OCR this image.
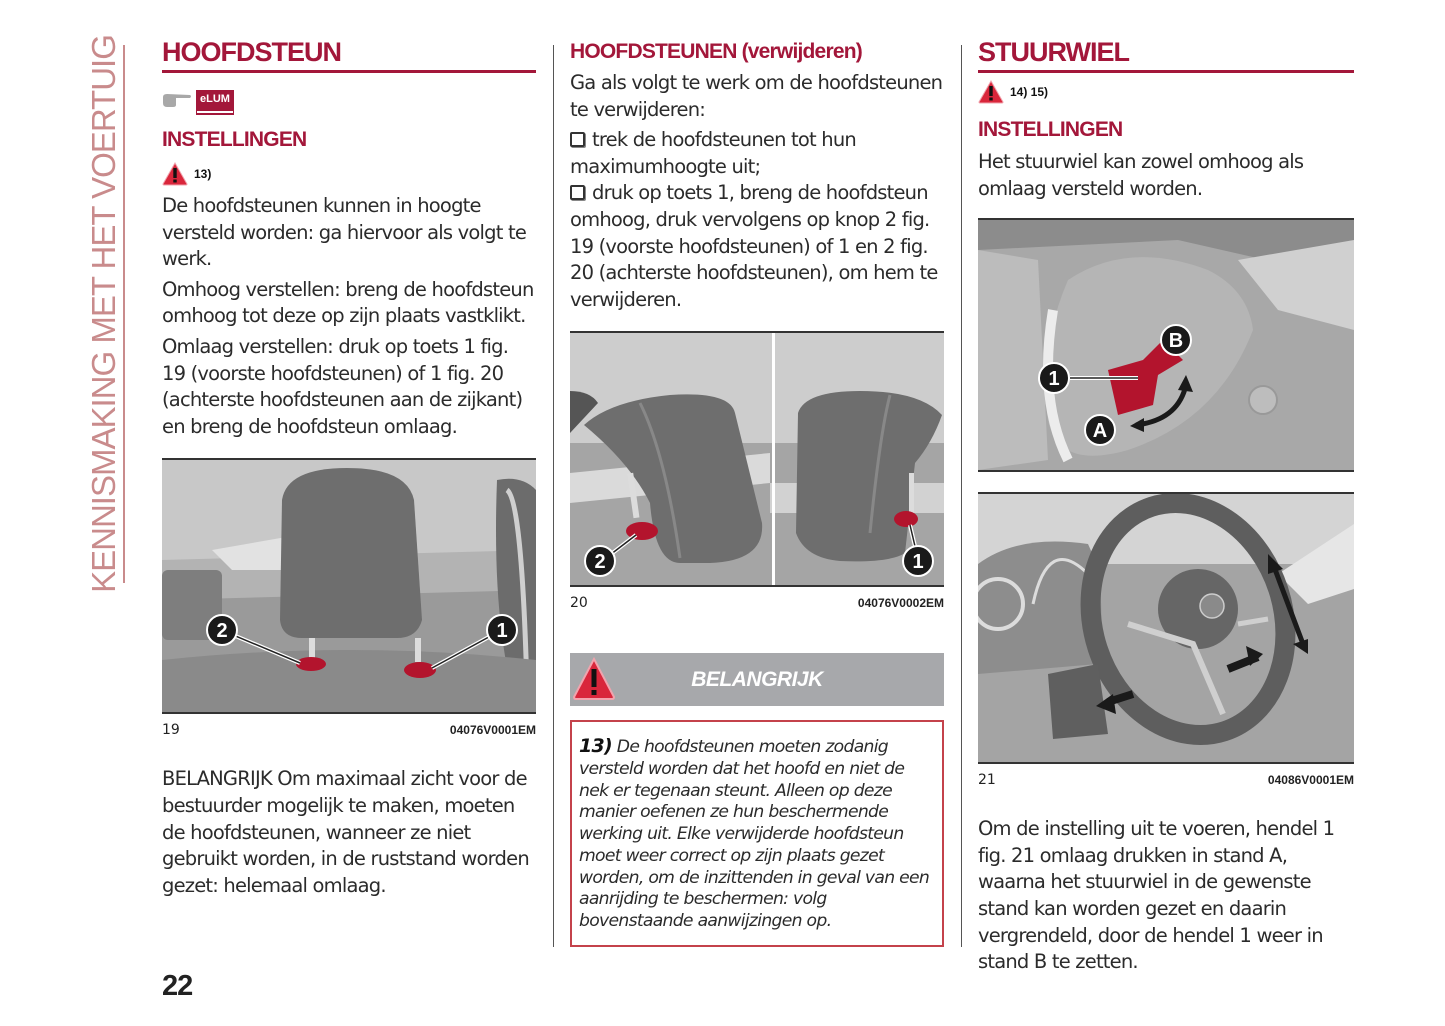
KENNISMAKING MET HET VOERTUIG HOOFDSTEUN
eLUM
INSTELLINGEN
13)

De hoofdsteunen kunnen in hoogte versteld worden: ga hiervoor als volgt te werk.

Omhoog verstellen: breng de hoofdsteun omhoog tot deze op zijn plaats vastklikt.

Omlaag verstellen: druk op toets 1 fig. 19 (voorste hoofdsteunen) of 1 fig. 20 (achterste hoofdsteunen aan de zijkant) en breng de hoofdsteun omlaag.

2	1
19	04076V0001EM

BELANGRIJK Om maximaal zicht voor de bestuurder mogelijk te maken, moeten de hoofdsteunen, wanneer ze niet gebruikt worden, in de ruststand worden gezet: helemaal omlaag.

HOOFDSTEUNEN (verwijderen)

Ga als volgt te werk om de hoofdsteunen te verwijderen:

trek de hoofdsteunen tot hun maximumhoogte uit;

druk op toets 1, breng de hoofdsteun omhoog, druk vervolgens op knop 2 fig. 19 (voorste hoofdsteunen) of 1 en 2 fig. 20 (achterste hoofdsteunen), om hem te verwijderen.

2	1
20	04076V0002EM
BELANGRIJK

13) De hoofdsteunen moeten zodanig versteld worden dat het hoofd en niet de nek er tegenaan steunt. Alleen op deze manier oefenen ze hun beschermende werking uit. Elke verwijderde hoofdsteun moet weer correct op zijn plaats gezet worden, om de inzittenden in geval van een aanrijding te beschermen: volg bovenstaande aanwijzingen op.

STUURWIEL
14) 15)
INSTELLINGEN

Het stuurwiel kan zowel omhoog als omlaag versteld worden.

1
A
B
21	04086V0001EM

Om de instelling uit te voeren, hendel 1 fig. 21 omlaag drukken in stand A, waarna het stuurwiel in de gewenste stand kan worden gezet en daarin vergrendeld, door de hendel 1 weer in stand B te zetten.

22
